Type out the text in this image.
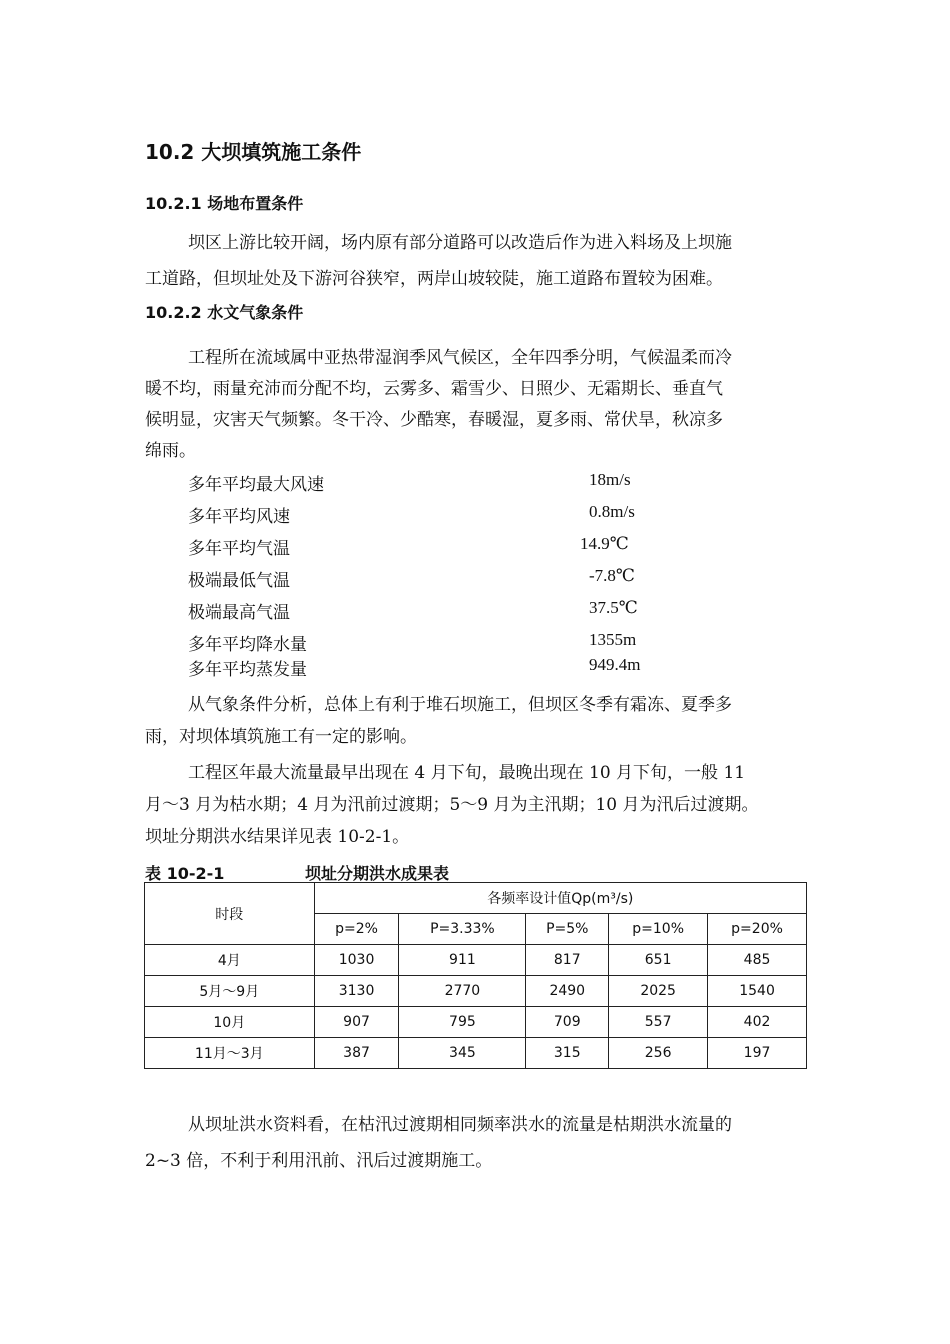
10.2 大坝填筑施工条件
10.2.1 场地布置条件
坝区上游比较开阔，场内原有部分道路可以改造后作为进入料场及上坝施
工道路，但坝址处及下游河谷狭窄，两岸山坡较陡，施工道路布置较为困难。
10.2.2 水文气象条件
工程所在流域属中亚热带湿润季风气候区，全年四季分明，气候温柔而冷
暖不均，雨量充沛而分配不均，云雾多、霜雪少、日照少、无霜期长、垂直气
候明显，灾害天气频繁。冬干冷、少酷寒，春暖湿，夏多雨、常伏旱，秋凉多
绵雨。
多年平均最大风速	18m/s
多年平均风速	0.8m/s
多年平均气温	14.9℃
极端最低气温	-7.8℃
极端最高气温	37.5℃
多年平均降水量	1355m
多年平均蒸发量	949.4m
从气象条件分析，总体上有利于堆石坝施工，但坝区冬季有霜冻、夏季多
雨，对坝体填筑施工有一定的影响。
工程区年最大流量最早出现在 4 月下旬，最晚出现在 10 月下旬，一般 11
月～3 月为枯水期；4 月为汛前过渡期；5～9 月为主汛期；10 月为汛后过渡期。
坝址分期洪水结果详见表 10-2-1。
表 10-2-1	坝址分期洪水成果表
时段	各频率设计值Qp(m³/s)				
	p=2%	P=3.33%	P=5%	p=10%	p=20%
4月	1030	911	817	651	485
5月～9月	3130	2770	2490	2025	1540
10月	907	795	709	557	402
11月～3月	387	345	315	256	197
从坝址洪水资料看，在枯汛过渡期相同频率洪水的流量是枯期洪水流量的
2~3 倍，不利于利用汛前、汛后过渡期施工。
